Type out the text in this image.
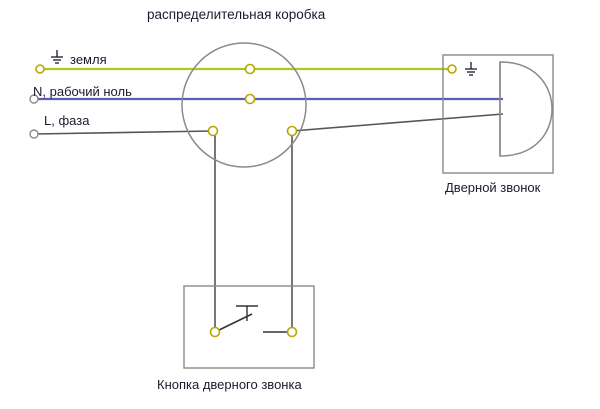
распределительная коробка
земля
N, рабочий ноль
L, фаза
Дверной звонок
Кнопка дверного звонка
